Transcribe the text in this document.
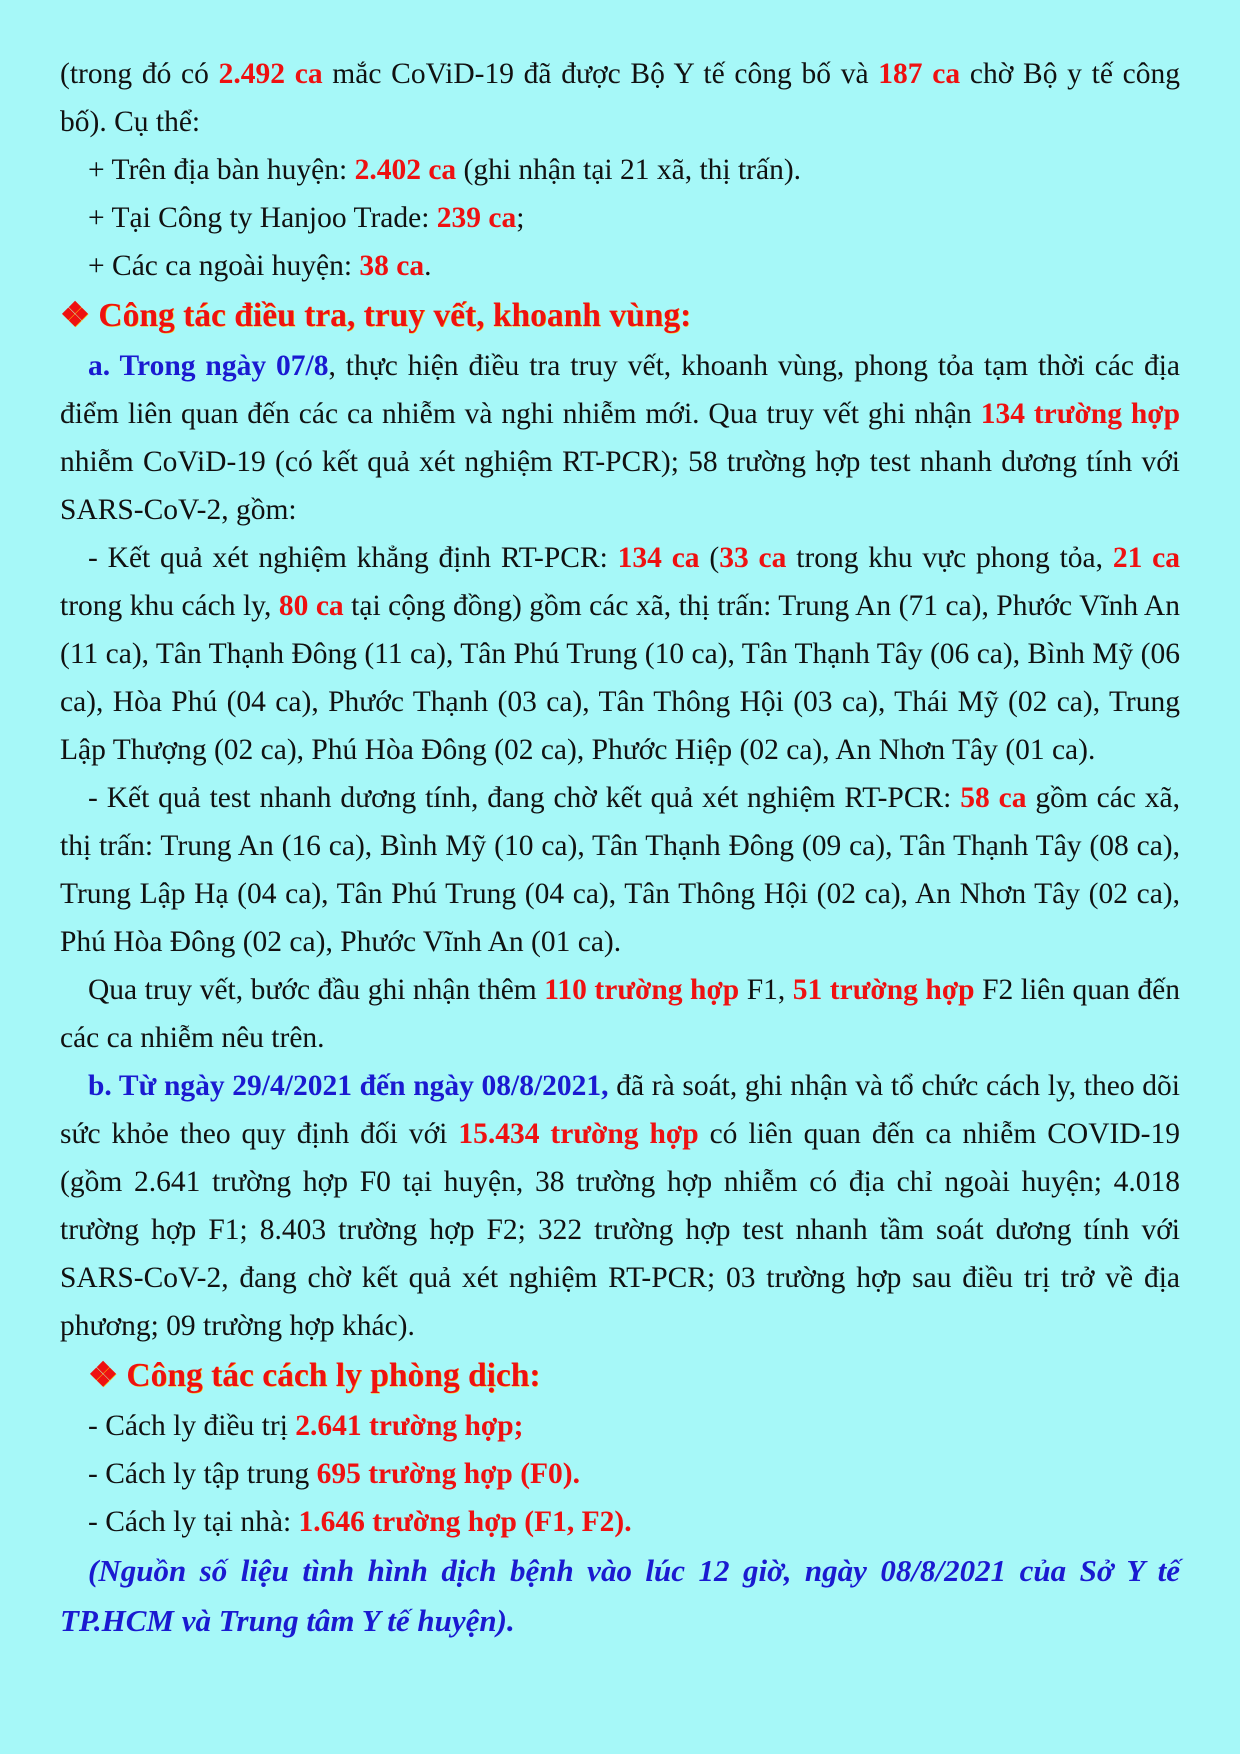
(trong đó có 2.492 ca mắc CoViD-19 đã được Bộ Y tế công bố và 187 ca chờ Bộ y tế công bố). Cụ thể:

+ Trên địa bàn huyện: 2.402 ca (ghi nhận tại 21 xã, thị trấn).

+ Tại Công ty Hanjoo Trade: 239 ca;

+ Các ca ngoài huyện: 38 ca.

❖ Công tác điều tra, truy vết, khoanh vùng:

a. Trong ngày 07/8, thực hiện điều tra truy vết, khoanh vùng, phong tỏa tạm thời các địa điểm liên quan đến các ca nhiễm và nghi nhiễm mới. Qua truy vết ghi nhận 134 trường hợp nhiễm CoViD-19 (có kết quả xét nghiệm RT-PCR); 58 trường hợp test nhanh dương tính với SARS-CoV-2, gồm:

- Kết quả xét nghiệm khẳng định RT-PCR: 134 ca (33 ca trong khu vực phong tỏa, 21 ca trong khu cách ly, 80 ca tại cộng đồng) gồm các xã, thị trấn: Trung An (71 ca), Phước Vĩnh An (11 ca), Tân Thạnh Đông (11 ca), Tân Phú Trung (10 ca), Tân Thạnh Tây (06 ca), Bình Mỹ (06 ca), Hòa Phú (04 ca), Phước Thạnh (03 ca), Tân Thông Hội (03 ca), Thái Mỹ (02 ca), Trung Lập Thượng (02 ca), Phú Hòa Đông (02 ca), Phước Hiệp (02 ca), An Nhơn Tây (01 ca).

- Kết quả test nhanh dương tính, đang chờ kết quả xét nghiệm RT-PCR: 58 ca gồm các xã, thị trấn: Trung An (16 ca), Bình Mỹ (10 ca), Tân Thạnh Đông (09 ca), Tân Thạnh Tây (08 ca), Trung Lập Hạ (04 ca), Tân Phú Trung (04 ca), Tân Thông Hội (02 ca), An Nhơn Tây (02 ca), Phú Hòa Đông (02 ca), Phước Vĩnh An (01 ca).

Qua truy vết, bước đầu ghi nhận thêm 110 trường hợp F1, 51 trường hợp F2 liên quan đến các ca nhiễm nêu trên.

b. Từ ngày 29/4/2021 đến ngày 08/8/2021, đã rà soát, ghi nhận và tổ chức cách ly, theo dõi sức khỏe theo quy định đối với 15.434 trường hợp có liên quan đến ca nhiễm COVID-19 (gồm 2.641 trường hợp F0 tại huyện, 38 trường hợp nhiễm có địa chỉ ngoài huyện; 4.018 trường hợp F1; 8.403 trường hợp F2; 322 trường hợp test nhanh tầm soát dương tính với SARS-CoV-2, đang chờ kết quả xét nghiệm RT-PCR; 03 trường hợp sau điều trị trở về địa phương; 09 trường hợp khác).

❖ Công tác cách ly phòng dịch:

- Cách ly điều trị 2.641 trường hợp;

- Cách ly tập trung 695 trường hợp (F0).

- Cách ly tại nhà: 1.646 trường hợp (F1, F2).

(Nguồn số liệu tình hình dịch bệnh vào lúc 12 giờ, ngày 08/8/2021 của Sở Y tế TP.HCM và Trung tâm Y tế huyện).
